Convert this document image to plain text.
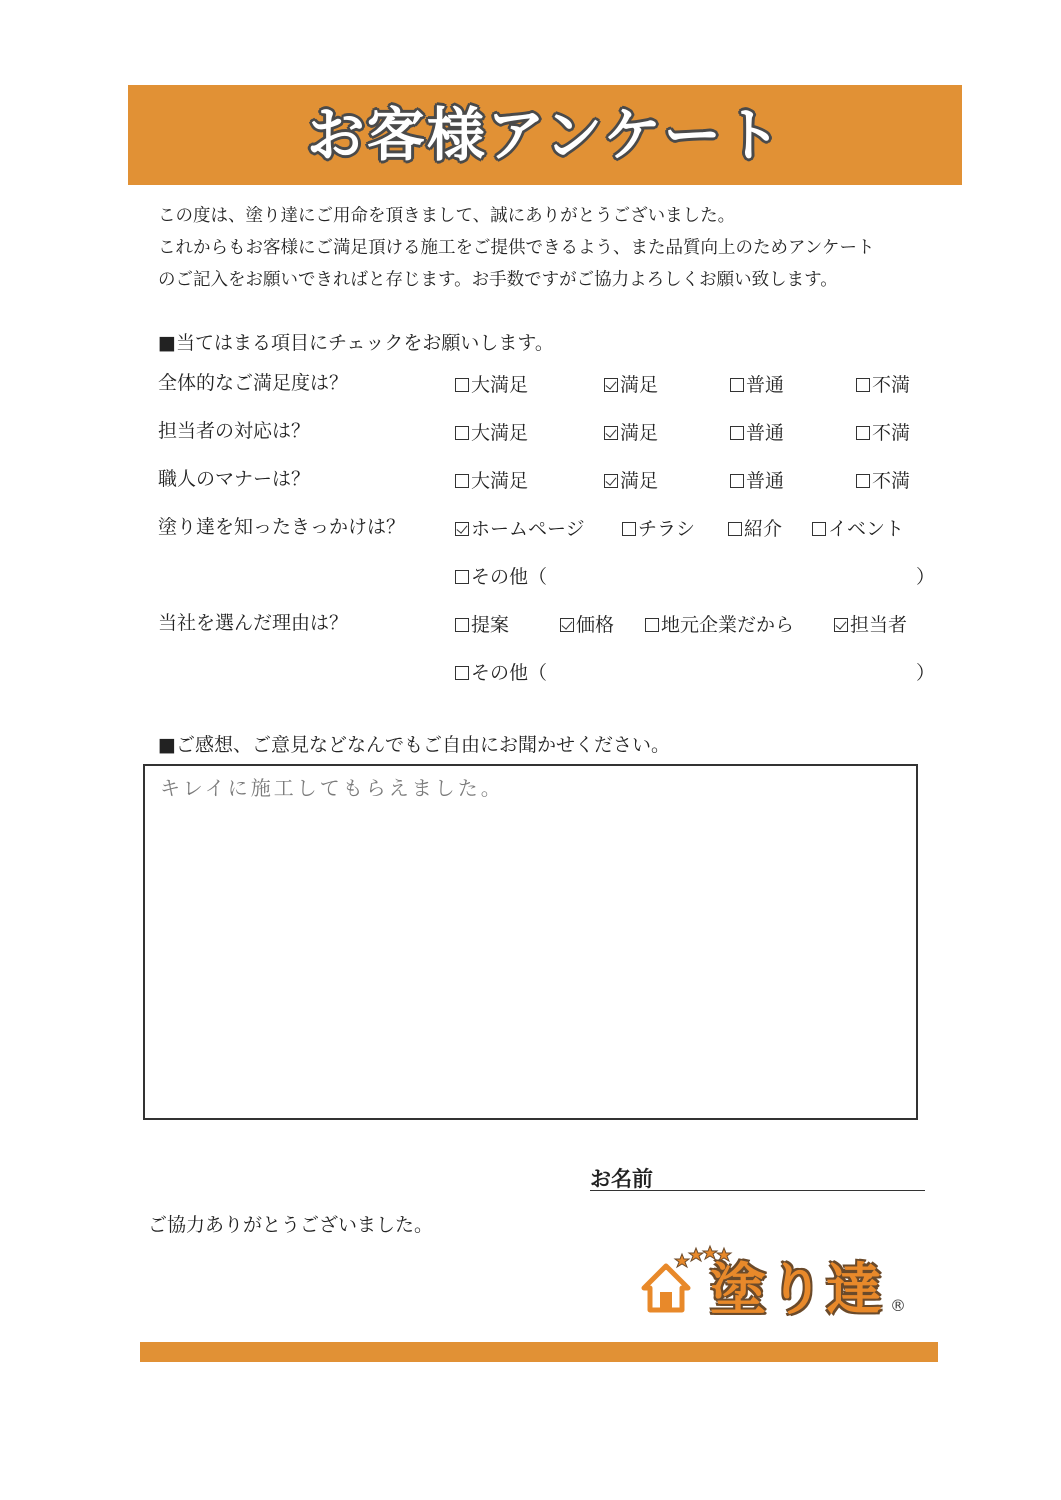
お客様アンケート

この度は、塗り達にご用命を頂きまして、誠にありがとうございました。

これからもお客様にご満足頂ける施工をご提供できるよう、また品質向上のためアンケート

のご記入をお願いできればと存じます。お手数ですがご協力よろしくお願い致します。

■当てはまる項目にチェックをお願いします。
全体的なご満足度は？	大満足	満足	普通	不満
担当者の対応は？	大満足	満足	普通	不満
職人のマナーは？	大満足	満足	普通	不満
塗り達を知ったきっかけは？	ホームページ	チラシ	紹介 イベント
その他（	）
当社を選んだ理由は？	提案	価格 地元企業だから	担当者
その他（	）
■ご感想、ご意見などなんでもご自由にお聞かせください。
キレイに施工してもらえました。
お名前
ご協力ありがとうございました。
塗り達 ®
